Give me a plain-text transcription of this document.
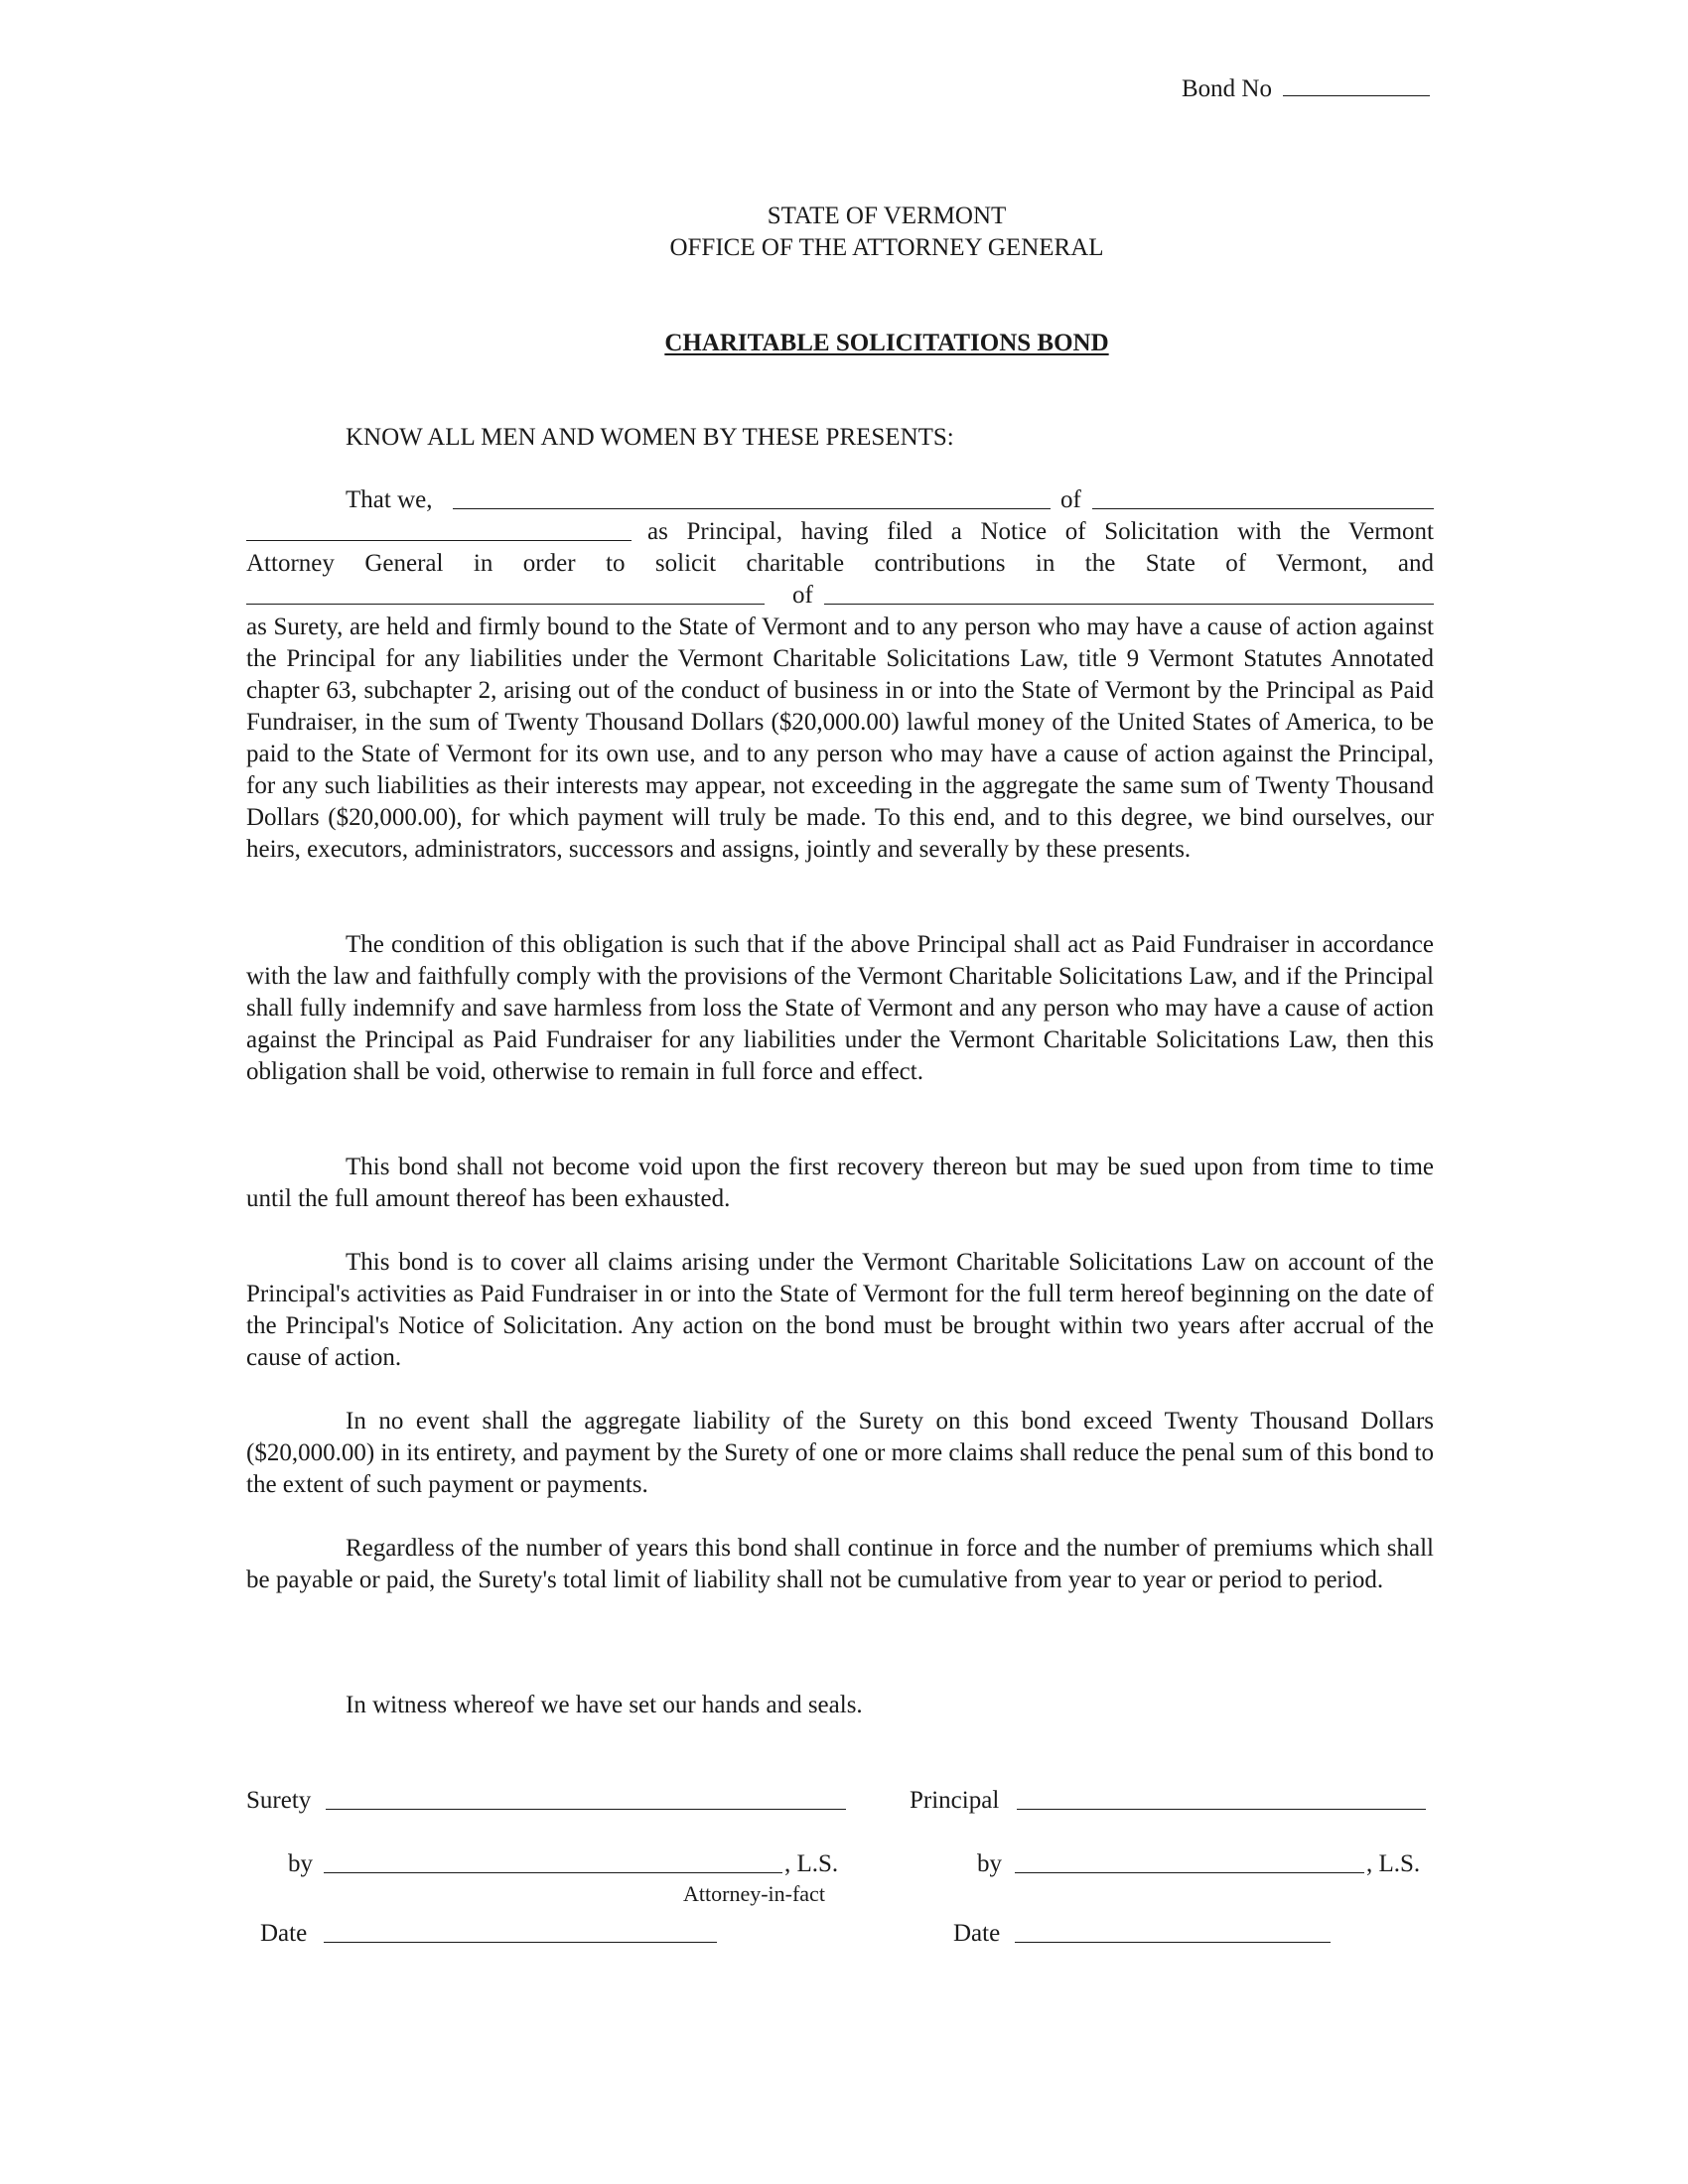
Bond No
STATE OF VERMONT
OFFICE OF THE ATTORNEY GENERAL
CHARITABLE SOLICITATIONS BOND
KNOW ALL MEN AND WOMEN BY THESE PRESENTS:
That we,	of
as Principal, having filed a Notice of Solicitation with the Vermont
Attorney General in order to solicit charitable contributions in the State of Vermont, and
of
as Surety, are held and firmly bound to the State of Vermont and to any person who may have a cause of action against the Principal for any liabilities under the Vermont Charitable Solicitations Law, title 9 Vermont Statutes Annotated chapter 63, subchapter 2, arising out of the conduct of business in or into the State of Vermont by the Principal as Paid Fundraiser, in the sum of Twenty Thousand Dollars ($20,000.00) lawful money of the United States of America, to be paid to the State of Vermont for its own use, and to any person who may have a cause of action against the Principal, for any such liabilities as their interests may appear, not exceeding in the aggregate the same sum of Twenty Thousand Dollars ($20,000.00), for which payment will truly be made. To this end, and to this degree, we bind ourselves, our heirs, executors, administrators, successors and assigns, jointly and severally by these presents.
The condition of this obligation is such that if the above Principal shall act as Paid Fundraiser in accordance with the law and faithfully comply with the provisions of the Vermont Charitable Solicitations Law, and if the Principal shall fully indemnify and save harmless from loss the State of Vermont and any person who may have a cause of action against the Principal as Paid Fundraiser for any liabilities under the Vermont Charitable Solicitations Law, then this obligation shall be void, otherwise to remain in full force and effect.
This bond shall not become void upon the first recovery thereon but may be sued upon from time to time until the full amount thereof has been exhausted.
This bond is to cover all claims arising under the Vermont Charitable Solicitations Law on account of the Principal's activities as Paid Fundraiser in or into the State of Vermont for the full term hereof beginning on the date of the Principal's Notice of Solicitation. Any action on the bond must be brought within two years after accrual of the cause of action.
In no event shall the aggregate liability of the Surety on this bond exceed Twenty Thousand Dollars ($20,000.00) in its entirety, and payment by the Surety of one or more claims shall reduce the penal sum of this bond to the extent of such payment or payments.
Regardless of the number of years this bond shall continue in force and the number of premiums which shall be payable or paid, the Surety's total limit of liability shall not be cumulative from year to year or period to period.
In witness whereof we have set our hands and seals.
Surety
by	, L.S.
Attorney-in-fact
Date
Principal
by	, L.S.
Date
